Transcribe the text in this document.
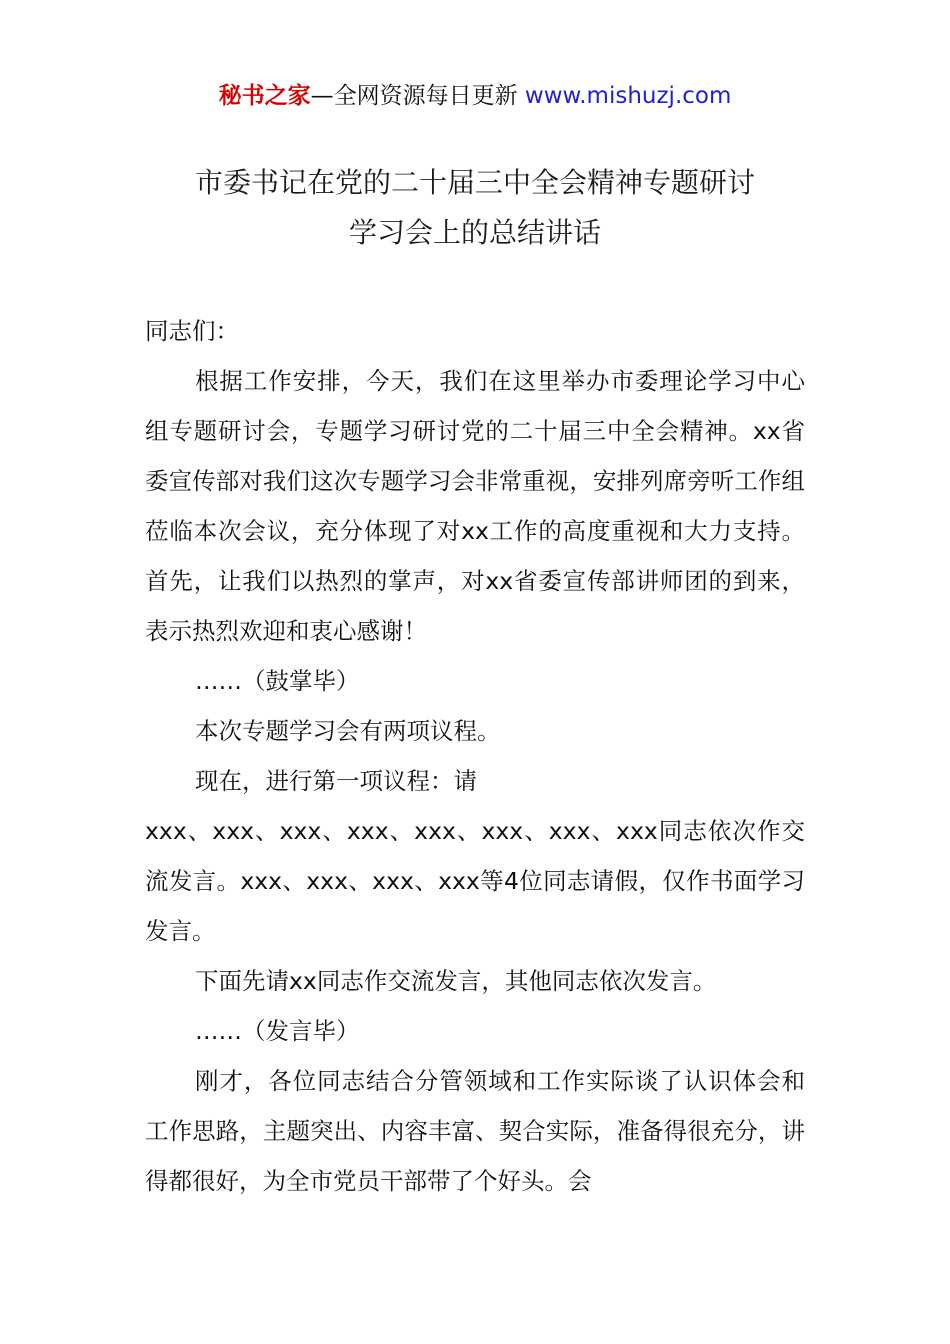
秘书之家—全网资源每日更新 www.mishuzj.com
市委书记在党的二十届三中全会精神专题研讨
学习会上的总结讲话

同志们：

根据工作安排，今天，我们在这里举办市委理论学习中心组专题研讨会，专题学习研讨党的二十届三中全会精神。xx省委宣传部对我们这次专题学习会非常重视，安排列席旁听工作组莅临本次会议，充分体现了对xx工作的高度重视和大力支持。首先，让我们以热烈的掌声，对xx省委宣传部讲师团的到来，表示热烈欢迎和衷心感谢！

……（鼓掌毕）

本次专题学习会有两项议程。

现在，进行第一项议程：请

xxx、xxx、xxx、xxx、xxx、xxx、xxx、xxx同志依次作交流发言。xxx、xxx、xxx、xxx等4位同志请假，仅作书面学习发言。

下面先请xx同志作交流发言，其他同志依次发言。

……（发言毕）

刚才，各位同志结合分管领域和工作实际谈了认识体会和工作思路，主题突出、内容丰富、契合实际，准备得很充分，讲得都很好，为全市党员干部带了个好头。会
